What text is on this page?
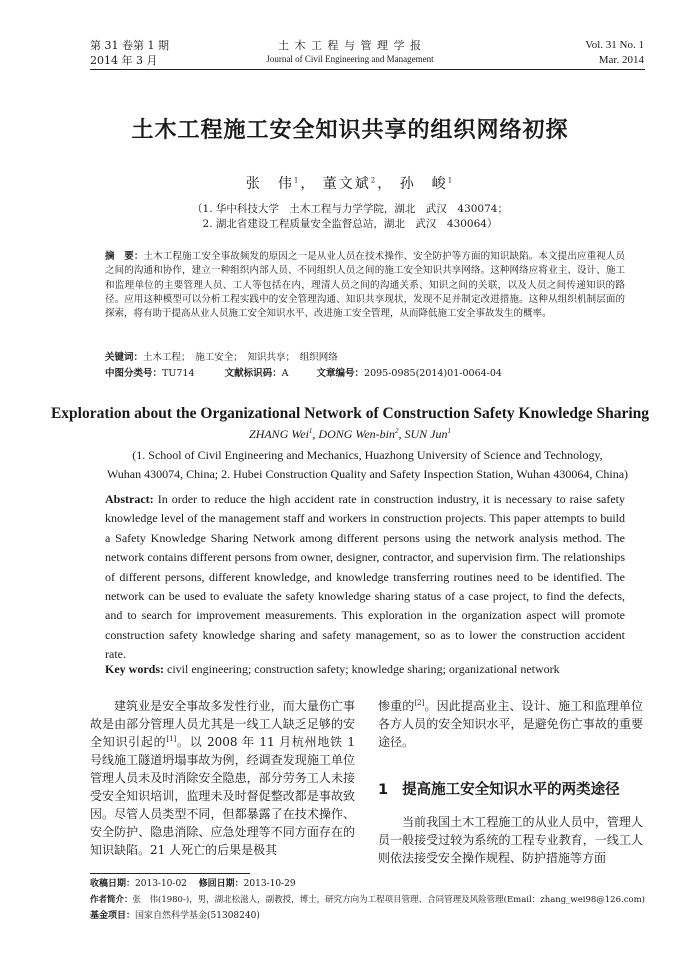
第 31 卷第 1 期
2014 年 3 月
土 木 工 程 与 管 理 学 报
Journal of Civil Engineering and Management
Vol. 31 No. 1
Mar. 2014
土木工程施工安全知识共享的组织网络初探
张　伟$^1$， 董文斌$^2$， 孙　峻$^1$
（1. 华中科技大学　土木工程与力学学院，湖北　武汉　430074；
2. 湖北省建设工程质量安全监督总站，湖北　武汉　430064）
摘　要：土木工程施工安全事故频发的原因之一是从业人员在技术操作、安全防护等方面的知识缺陷。本文提出应重视人员之间的沟通和协作，建立一种组织内部人员、不同组织人员之间的施工安全知识共享网络。这种网络应将业主、设计、施工和监理单位的主要管理人员、工人等包括在内，理清人员之间的沟通关系、知识之间的关联，以及人员之间传递知识的路径。应用这种模型可以分析工程实践中的安全管理沟通、知识共享现状，发现不足并制定改进措施。这种从组织机制层面的探索，将有助于提高从业人员施工安全知识水平、改进施工安全管理，从而降低施工安全事故发生的概率。
关键词：土木工程；　施工安全；　知识共享；　组织网络
中图分类号：TU714	文献标识码：A	文章编号：2095-0985(2014)01-0064-04
Exploration about the Organizational Network of Construction Safety Knowledge Sharing
ZHANG Wei$^1$, DONG Wen-bin$^2$, SUN Jun$^1$
(1. School of Civil Engineering and Mechanics, Huazhong University of Science and Technology,
Wuhan 430074, China; 2. Hubei Construction Quality and Safety Inspection Station, Wuhan 430064, China)
Abstract: In order to reduce the high accident rate in construction industry, it is necessary to raise safety knowledge level of the management staff and workers in construction projects. This paper attempts to build a Safety Knowledge Sharing Network among different persons using the network analysis method. The network contains different persons from owner, designer, contractor, and supervision firm. The relationships of different persons, different knowledge, and knowledge transferring routines need to be identified. The network can be used to evaluate the safety knowledge sharing status of a case project, to find the defects, and to search for improvement measurements. This exploration in the organization aspect will promote construction safety knowledge sharing and safety management, so as to lower the construction accident rate.
Key words: civil engineering; construction safety; knowledge sharing; organizational network

建筑业是安全事故多发性行业，而大量伤亡事故是由部分管理人员尤其是一线工人缺乏足够的安全知识引起的[1]。以 2008 年 11 月杭州地铁 1 号线施工隧道坍塌事故为例，经调查发现施工单位管理人员未及时消除安全隐患，部分劳务工人未接受安全知识培训，监理未及时督促整改都是事故致因。尽管人员类型不同，但都暴露了在技术操作、安全防护、隐患消除、应急处理等不同方面存在的知识缺陷。21 人死亡的后果是极其

惨重的[2]。因此提高业主、设计、施工和监理单位各方人员的安全知识水平，是避免伤亡事故的重要途径。

1 提高施工安全知识水平的两类途径

当前我国土木工程施工的从业人员中，管理人员一般接受过较为系统的工程专业教育，一线工人则依法接受安全操作规程、防护措施等方面

收稿日期：2013-10-02 修回日期：2013-10-29
作者简介：张　伟(1980-)，男，湖北松滋人，副教授，博士，研究方向为工程项目管理、合同管理及风险管理(Email：zhang_wei98@126.com)
基金项目：国家自然科学基金(51308240)
